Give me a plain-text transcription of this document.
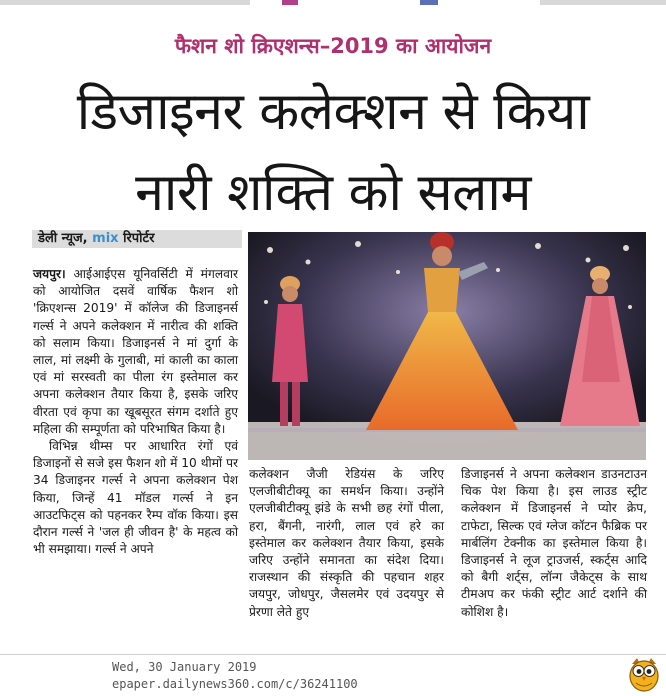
फैशन शो क्रिएशन्स–2019 का आयोजन
डिजाइनर कलेक्शन से किया
नारी शक्ति को सलाम
डेली न्यूज, mix रिपोर्टर

जयपुर। आईआईएस यूनिवर्सिटी में मंगलवार को आयोजित दसवें वार्षिक फैशन शो 'क्रिएशन्स 2019' में कॉलेज की डिजाइनर्स गर्ल्स ने अपने कलेक्शन में नारीत्व की शक्ति को सलाम किया। डिजाइनर्स ने मां दुर्गा के लाल, मां लक्ष्मी के गुलाबी, मां काली का काला एवं मां सरस्वती का पीला रंग इस्तेमाल कर अपना कलेक्शन तैयार किया है, इसके जरिए वीरता एवं कृपा का खूबसूरत संगम दर्शाते हुए महिला की सम्पूर्णता को परिभाषित किया है।

विभिन्न थीम्स पर आधारित रंगों एवं डिजाइनों से सजे इस फैशन शो में 10 थीमों पर 34 डिजाइनर गर्ल्स ने अपना कलेक्शन पेश किया, जिन्हें 41 मॉडल गर्ल्स ने इन आउटफिट्स को पहनकर रैम्प वॉक किया। इस दौरान गर्ल्स ने 'जल ही जीवन है' के महत्व को भी समझाया। गर्ल्स ने अपने

कलेक्शन जैजी रेडियंस के जरिए एलजीबीटीक्यू का समर्थन किया। उन्होंने एलजीबीटीक्यू झंडे के सभी छह रंगों पीला, हरा, बैंगनी, नारंगी, लाल एवं हरे का इस्तेमाल कर कलेक्शन तैयार किया, इसके जरिए उन्होंने समानता का संदेश दिया। राजस्थान की संस्कृति की पहचान शहर जयपुर, जोधपुर, जैसलमेर एवं उदयपुर से प्रेरणा लेते हुए

डिजाइनर्स ने अपना कलेक्शन डाउनटाउन चिक पेश किया है। इस लाउड स्ट्रीट कलेक्शन में डिजाइनर्स ने प्योर क्रेप, टाफेटा, सिल्क एवं ग्लेज कॉटन फैब्रिक पर मार्बलिंग टेक्नीक का इस्तेमाल किया है। डिजाइनर्स ने लूज ट्राउजर्स, स्कर्ट्स आदि को बैगी शर्ट्स, लॉन्ग जैकेट्स के साथ टीमअप कर फंकी स्ट्रीट आर्ट दर्शाने की कोशिश है।

Wed, 30 January 2019
epaper.dailynews360.com/c/36241100
